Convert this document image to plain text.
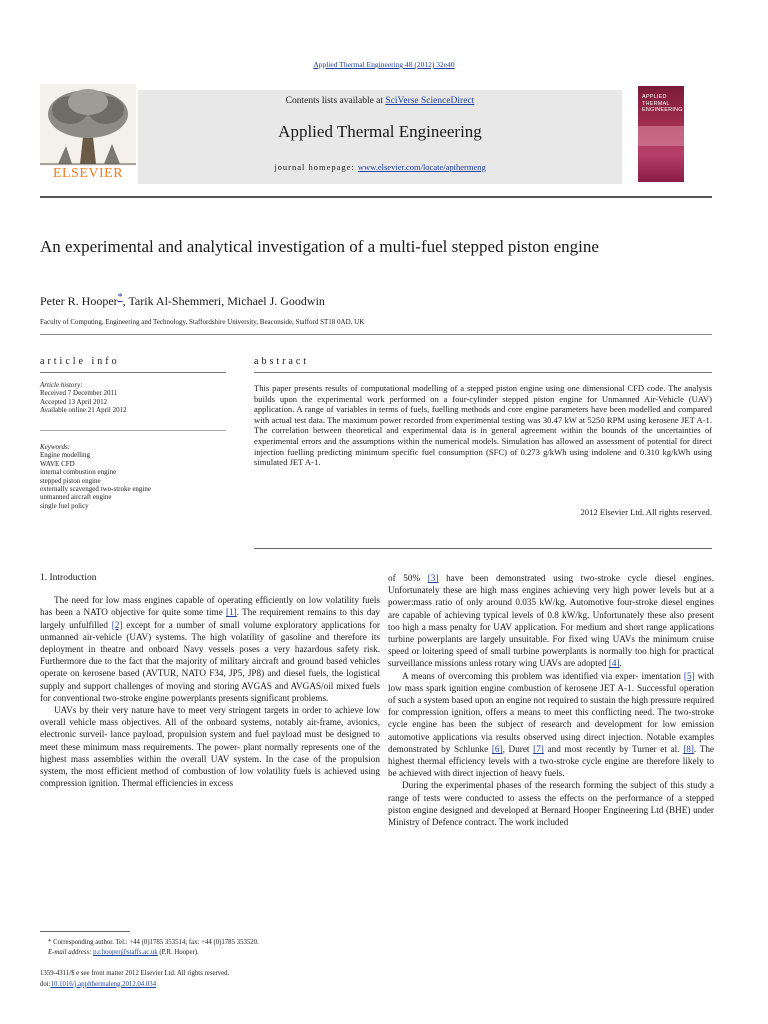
Applied Thermal Engineering 48 (2012) 32e40
ELSEVIER
Contents lists available at SciVerse ScienceDirect
Applied Thermal Engineering
journal homepage: www.elsevier.com/locate/apthermeng
APPLIED THERMAL ENGINEERING
An experimental and analytical investigation of a multi-fuel stepped piston engine
Peter R. Hooper*, Tarik Al-Shemmeri, Michael J. Goodwin
Faculty of Computing, Engineering and Technology, Staffordshire University, Beaconside, Stafford ST18 0AD, UK
article info	abstract
Article history:
Received 7 December 2011
Accepted 13 April 2012
Available online 21 April 2012
Keywords:
Engine modelling
WAVE CFD
internal combustion engine
stepped piston engine
externally scavenged two-stroke engine
unmanned aircraft engine
single fuel policy
This paper presents results of computational modelling of a stepped piston engine using one dimensional CFD code. The analysis builds upon the experimental work performed on a four-cylinder stepped piston engine for Unmanned Air-Vehicle (UAV) application. A range of variables in terms of fuels, fuelling methods and core engine parameters have been modelled and compared with actual test data. The maximum power recorded from experimental testing was 30.47 kW at 5250 RPM using kerosene JET A-1. The correlation between theoretical and experimental data is in general agreement within the bounds of the uncertainties of experimental errors and the assumptions within the numerical models. Simulation has allowed an assessment of potential for direct injection fuelling predicting minimum specific fuel consumption (SFC) of 0.273 g/kWh using indolene and 0.310 kg/kWh using simulated JET A-1.
2012 Elsevier Ltd. All rights reserved.
1. Introduction

The need for low mass engines capable of operating efficiently on low volatility fuels has been a NATO objective for quite some time [1]. The requirement remains to this day largely unfulfilled [2] except for a number of small volume exploratory applications for unmanned air-vehicle (UAV) systems. The high volatility of gasoline and therefore its deployment in theatre and onboard Navy vessels poses a very hazardous safety risk. Furthermore due to the fact that the majority of military aircraft and ground based vehicles operate on kerosene based (AVTUR, NATO F34, JP5, JP8) and diesel fuels, the logistical supply and support challenges of moving and storing AVGAS and AVGAS/oil mixed fuels for conventional two-stroke engine powerplants presents significant problems.

UAVs by their very nature have to meet very stringent targets in order to achieve low overall vehicle mass objectives. All of the onboard systems, notably air-frame, avionics, electronic surveil- lance payload, propulsion system and fuel payload must be designed to meet these minimum mass requirements. The power- plant normally represents one of the highest mass assemblies within the overall UAV system. In the case of the propulsion system, the most efficient method of combustion of low volatility fuels is achieved using compression ignition. Thermal efficiencies in excess

of 50% [3] have been demonstrated using two-stroke cycle diesel engines. Unfortunately these are high mass engines achieving very high power levels but at a power:mass ratio of only around 0.035 kW/kg. Automotive four-stroke diesel engines are capable of achieving typical levels of 0.8 kW/kg. Unfortunately these also present too high a mass penalty for UAV application. For medium and short range applications turbine powerplants are largely unsuitable. For fixed wing UAVs the minimum cruise speed or loitering speed of small turbine powerplants is normally too high for practical surveillance missions unless rotary wing UAVs are adopted [4].

A means of overcoming this problem was identified via exper- imentation [5] with low mass spark ignition engine combustion of kerosene JET A-1. Successful operation of such a system based upon an engine not required to sustain the high pressure required for compression ignition, offers a means to meet this conflicting need. The two-stroke cycle engine has been the subject of research and development for low emission automotive applications via results observed using direct injection. Notable examples demonstrated by Schlunke [6], Duret [7] and most recently by Turner et al. [8]. The highest thermal efficiency levels with a two-stroke cycle engine are therefore likely to be achieved with direct injection of heavy fuels.

During the experimental phases of the research forming the subject of this study a range of tests were conducted to assess the effects on the performance of a stepped piston engine designed and developed at Bernard Hooper Engineering Ltd (BHE) under Ministry of Defence contract. The work included

* Corresponding author. Tel.: +44 (0)1785 353514; fax: +44 (0)1785 353520.
E-mail address: p.r.hooper@staffs.ac.uk (P.R. Hooper).
1359-4311/$ e see front matter 2012 Elsevier Ltd. All rights reserved.
doi:10.1016/j.applthermaleng.2012.04.034
